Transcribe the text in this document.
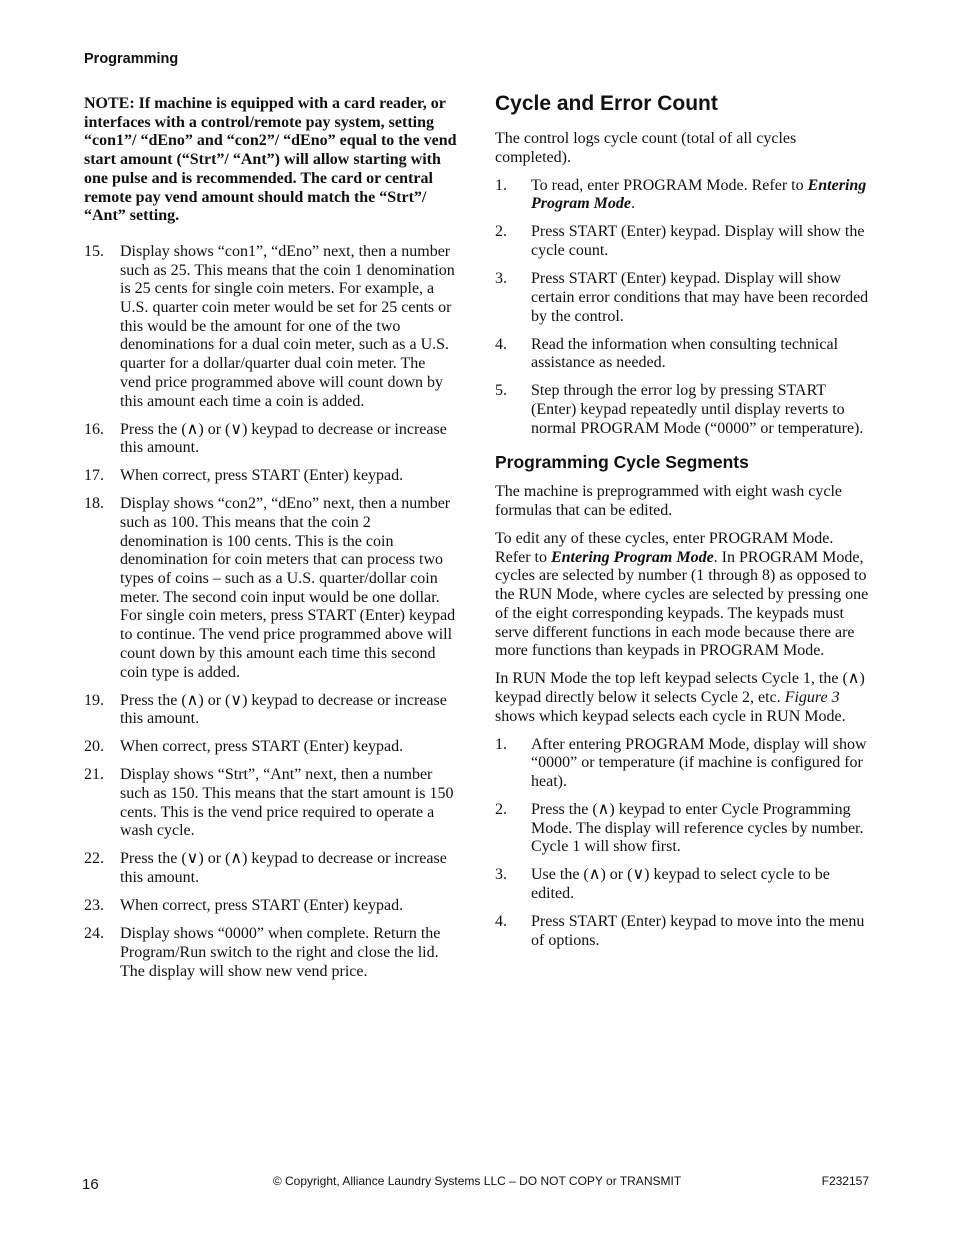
Programming

NOTE: If machine is equipped with a card reader, or interfaces with a control/remote pay system, setting “con1”/ “dEno” and “con2”/ “dEno” equal to the vend start amount (“Strt”/ “Ant”) will allow starting with one pulse and is recommended. The card or central remote pay vend amount should match the “Strt”/ “Ant” setting.

15.	Display shows “con1”, “dEno” next, then a number such as 25. This means that the coin 1 denomination is 25 cents for single coin meters. For example, a U.S. quarter coin meter would be set for 25 cents or this would be the amount for one of the two denominations for a dual coin meter, such as a U.S. quarter for a dollar/quarter dual coin meter. The vend price programmed above will count down by this amount each time a coin is added.
16.	Press the (∧) or (∨) keypad to decrease or increase this amount.
17.	When correct, press START (Enter) keypad.
18.	Display shows “con2”, “dEno” next, then a number such as 100. This means that the coin 2 denomination is 100 cents. This is the coin denomination for coin meters that can process two types of coins – such as a U.S. quarter/dollar coin meter. The second coin input would be one dollar. For single coin meters, press START (Enter) keypad to continue. The vend price programmed above will count down by this amount each time this second coin type is added.
19.	Press the (∧) or (∨) keypad to decrease or increase this amount.
20.	When correct, press START (Enter) keypad.
21.	Display shows “Strt”, “Ant” next, then a number such as 150. This means that the start amount is 150 cents. This is the vend price required to operate a wash cycle.
22.	Press the (∨) or (∧) keypad to decrease or increase this amount.
23.	When correct, press START (Enter) keypad.
24.	Display shows “0000” when complete. Return the Program/Run switch to the right and close the lid. The display will show new vend price.
Cycle and Error Count

The control logs cycle count (total of all cycles completed).

1.	To read, enter PROGRAM Mode. Refer to Entering Program Mode.
2.	Press START (Enter) keypad. Display will show the cycle count.
3.	Press START (Enter) keypad. Display will show certain error conditions that may have been recorded by the control.
4.	Read the information when consulting technical assistance as needed.
5.	Step through the error log by pressing START (Enter) keypad repeatedly until display reverts to normal PROGRAM Mode (“0000” or temperature).
Programming Cycle Segments

The machine is preprogrammed with eight wash cycle formulas that can be edited.

To edit any of these cycles, enter PROGRAM Mode. Refer to Entering Program Mode. In PROGRAM Mode, cycles are selected by number (1 through 8) as opposed to the RUN Mode, where cycles are selected by pressing one of the eight corresponding keypads. The keypads must serve different functions in each mode because there are more functions than keypads in PROGRAM Mode.

In RUN Mode the top left keypad selects Cycle 1, the (∧) keypad directly below it selects Cycle 2, etc. Figure 3 shows which keypad selects each cycle in RUN Mode.

1.	After entering PROGRAM Mode, display will show “0000” or temperature (if machine is configured for heat).
2.	Press the (∧) keypad to enter Cycle Programming Mode. The display will reference cycles by number. Cycle 1 will show first.
3.	Use the (∧) or (∨) keypad to select cycle to be edited.
4.	Press START (Enter) keypad to move into the menu of options.
16	© Copyright, Alliance Laundry Systems LLC – DO NOT COPY or TRANSMIT	F232157
